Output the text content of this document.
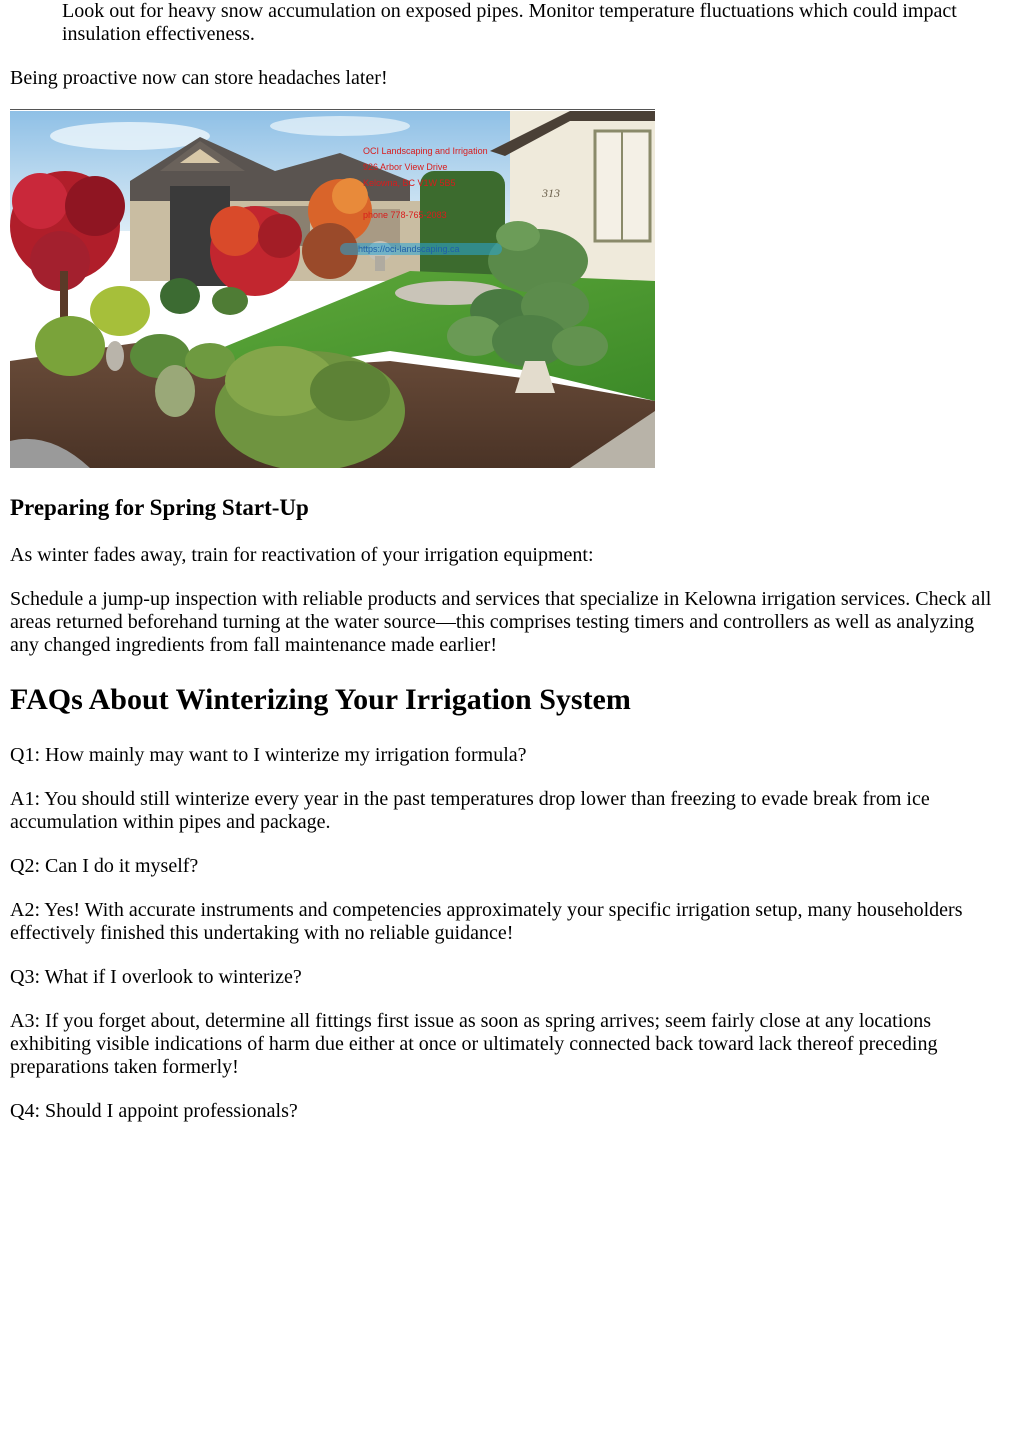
Look out for heavy snow accumulation on exposed pipes. Monitor temperature fluctuations which could impact insulation effectiveness.

Being proactive now can store headaches later!

313
OCI Landscaping and Irrigation
926 Arbor View Drive
Kelowna, BC V1W 5B5
phone 778-765-2083
https://oci-landscaping.ca
Preparing for Spring Start-Up

As winter fades away, train for reactivation of your irrigation equipment:

Schedule a jump-up inspection with reliable products and services that specialize in Kelowna irrigation services. Check all areas returned beforehand turning at the water source—this comprises testing timers and controllers as well as analyzing any changed ingredients from fall maintenance made earlier!

FAQs About Winterizing Your Irrigation System

Q1: How mainly may want to I winterize my irrigation formula?

A1: You should still winterize every year in the past temperatures drop lower than freezing to evade break from ice accumulation within pipes and package.

Q2: Can I do it myself?

A2: Yes! With accurate instruments and competencies approximately your specific irrigation setup, many householders effectively finished this undertaking with no reliable guidance!

Q3: What if I overlook to winterize?

A3: If you forget about, determine all fittings first issue as soon as spring arrives; seem fairly close at any locations exhibiting visible indications of harm due either at once or ultimately connected back toward lack thereof preceding preparations taken formerly!

Q4: Should I appoint professionals?
